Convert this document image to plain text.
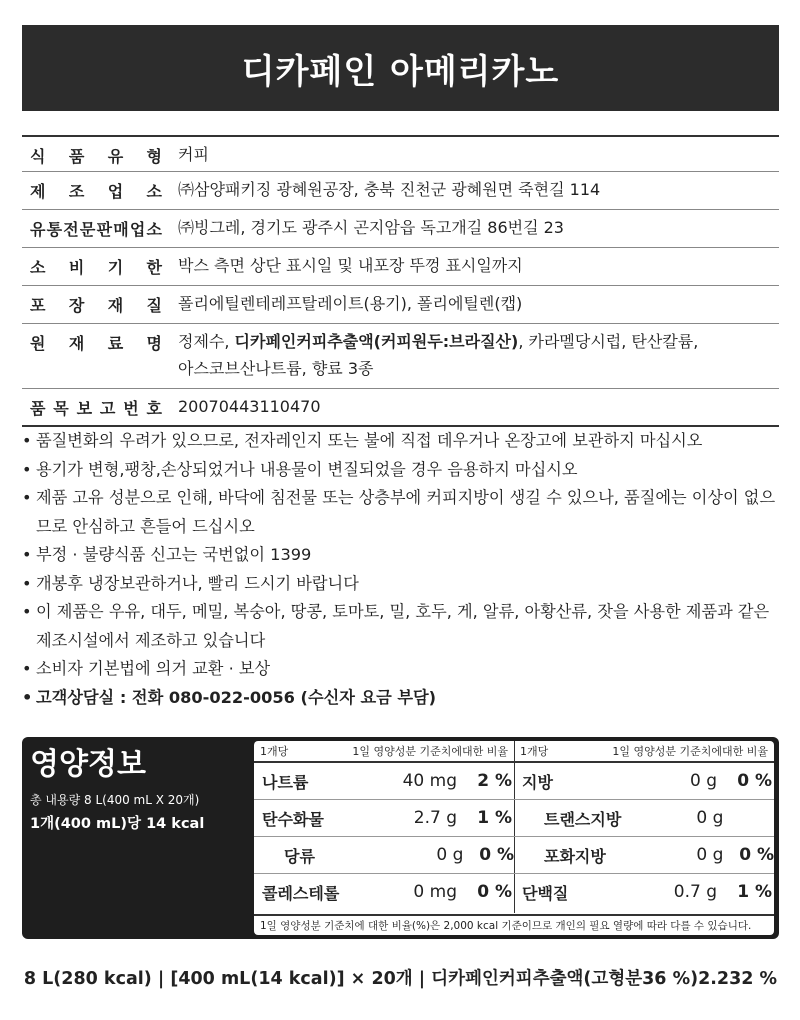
디카페인 아메리카노
식 품 유 형	커피
제 조 업 소	㈜삼양패키징 광혜원공장, 충북 진천군 광혜원면 죽현길 114
유 통 전 문 판 매 업 소	㈜빙그레, 경기도 광주시 곤지암읍 독고개길 86번길 23
소 비 기 한	박스 측면 상단 표시일 및 내포장 뚜껑 표시일까지
포 장 재 질	폴리에틸렌테레프탈레이트(용기), 폴리에틸렌(캡)
원 재 료 명	정제수, 디카페인커피추출액(커피원두:브라질산), 카라멜당시럽, 탄산칼륨,
아스코브산나트륨, 향료 3종
품 목 보 고 번 호	20070443110470
• 품질변화의 우려가 있으므로, 전자레인지 또는 불에 직접 데우거나 온장고에 보관하지 마십시오
• 용기가 변형,팽창,손상되었거나 내용물이 변질되었을 경우 음용하지 마십시오
• 제품 고유 성분으로 인해, 바닥에 침전물 또는 상층부에 커피지방이 생길 수 있으나, 품질에는 이상이 없으므로 안심하고 흔들어 드십시오
• 부정 · 불량식품 신고는 국번없이 1399
• 개봉후 냉장보관하거나, 빨리 드시기 바랍니다
• 이 제품은 우유, 대두, 메밀, 복숭아, 땅콩, 토마토, 밀, 호두, 게, 알류, 아황산류, 잣을 사용한 제품과 같은 제조시설에서 제조하고 있습니다
• 소비자 기본법에 의거 교환 · 보상
• 고객상담실 : 전화 080-022-0056 (수신자 요금 부담)
영양정보
총 내용량 8 L(400 mL X 20개)
1개(400 mL)당 14 kcal
1개당	1일 영양성분 기준치에대한 비율
나트륨	40 mg	2 %
탄수화물	2.7 g	1 %
당류	0 g 0 %
콜레스테롤	0 mg	0 %
1개당	1일 영양성분 기준치에대한 비율
지방	0 g	0 %
트랜스지방	0 g
포화지방	0 g 0 %
단백질	0.7 g	1 %
1일 영양성분 기준치에 대한 비율(%)은 2,000 kcal 기준이므로 개인의 필요 열량에 따라 다를 수 있습니다.
8 L(280 kcal) | [400 mL(14 kcal)] × 20개 | 디카페인커피추출액(고형분36 %)2.232 %
